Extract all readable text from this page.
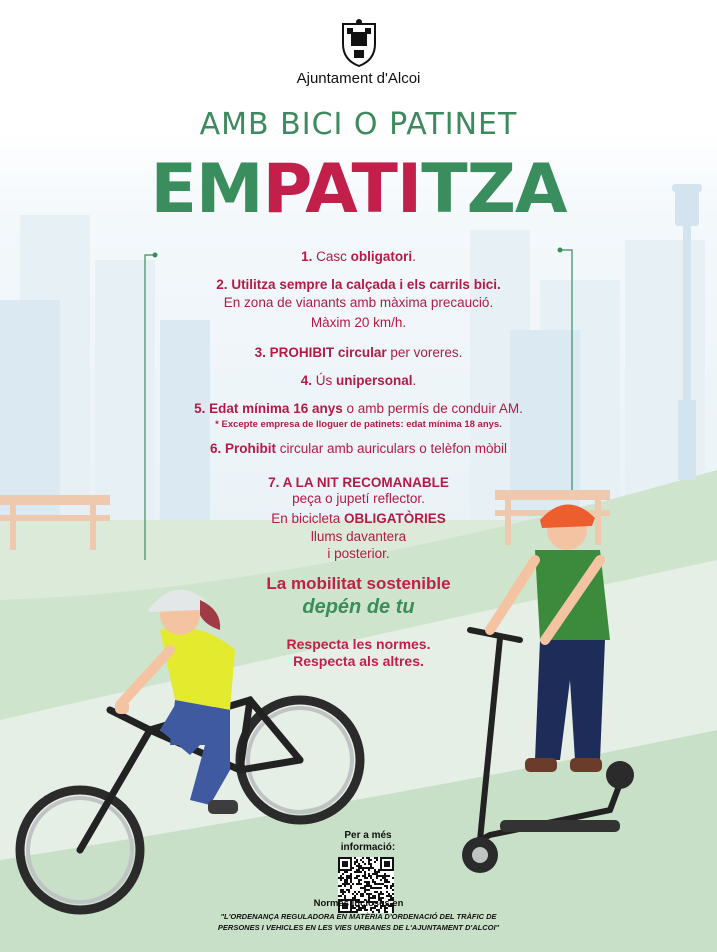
Ajuntament d'Alcoi
AMB BICI O PATINET
EMPATITZA
1. Casc obligatori.
2. Utilitza sempre la calçada i els carrils bici.
En zona de vianants amb màxima precaució.
Màxim 20 km/h.
3. PROHIBIT circular per voreres.
4. Ús unipersonal.
5. Edat mínima 16 anys o amb permís de conduir AM.
* Excepte empresa de lloguer de patinets: edat mínima 18 anys.
6. Prohibit circular amb auriculars o telèfon mòbil
7. A LA NIT RECOMANABLE
peça o jupetí reflector.
En bicicleta OBLIGATÒRIES
llums davantera
i posterior.
La mobilitat sostenible
depén de tu
Respecta les normes.
Respecta als altres.
Per a més
informació:
Normes incloses en
"L'ORDENANÇA REGULADORA EN MATÈRIA D'ORDENACIÓ DEL TRÀFIC DE PERSONES I VEHICLES EN LES VIES URBANES DE L'AJUNTAMENT D'ALCOI"
